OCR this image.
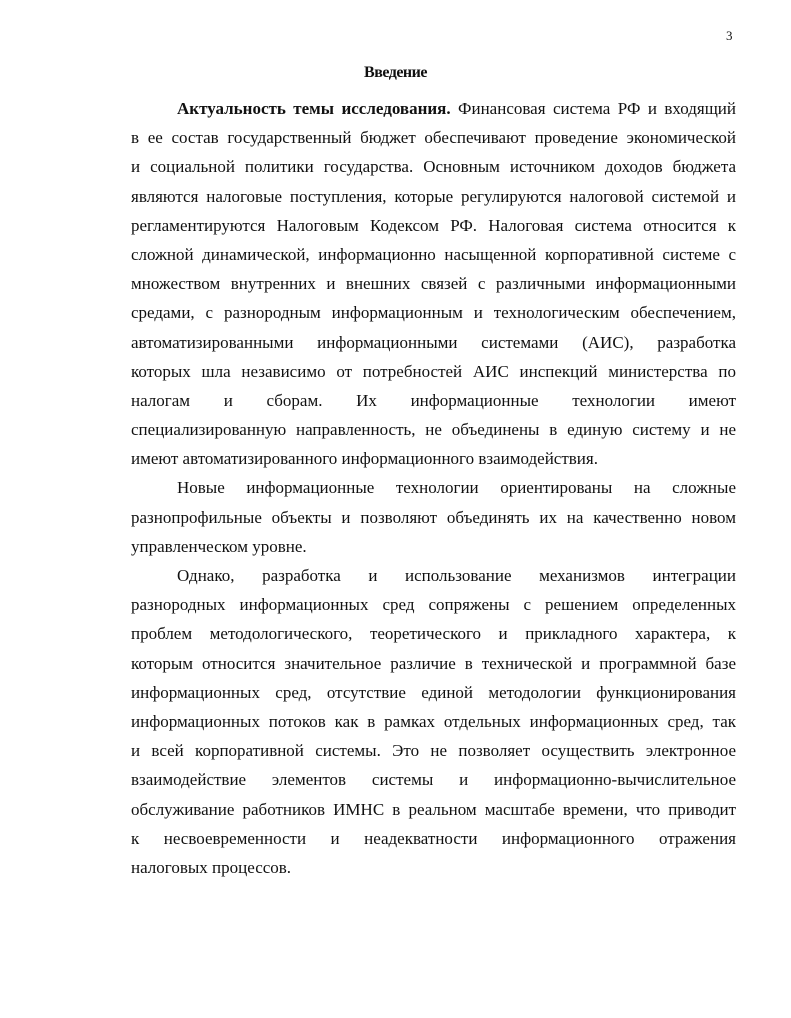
3
Введение
Актуальность темы исследования. Финансовая система РФ и входящий
в ее состав государственный бюджет обеспечивают проведение экономической
и социальной политики государства. Основным источником доходов бюджета
являются налоговые поступления, которые регулируются налоговой системой и
регламентируются Налоговым Кодексом РФ. Налоговая система относится к
сложной динамической, информационно насыщенной корпоративной системе с
множеством внутренних и внешних связей с различными информационными
средами, с разнородным информационным и технологическим обеспечением,
автоматизированными информационными системами (АИС), разработка
которых шла независимо от потребностей АИС инспекций министерства по
налогам и сборам. Их информационные технологии имеют
специализированную направленность, не объединены в единую систему и не
имеют автоматизированного информационного взаимодействия.
Новые информационные технологии ориентированы на сложные
разнопрофильные объекты и позволяют объединять их на качественно новом
управленческом уровне.
Однако, разработка и использование механизмов интеграции
разнородных информационных сред сопряжены с решением определенных
проблем методологического, теоретического и прикладного характера, к
которым относится значительное различие в технической и программной базе
информационных сред, отсутствие единой методологии функционирования
информационных потоков как в рамках отдельных информационных сред, так
и всей корпоративной системы. Это не позволяет осуществить электронное
взаимодействие элементов системы и информационно-вычислительное
обслуживание работников ИМНС в реальном масштабе времени, что приводит
к несвоевременности и неадекватности информационного отражения
налоговых процессов.
